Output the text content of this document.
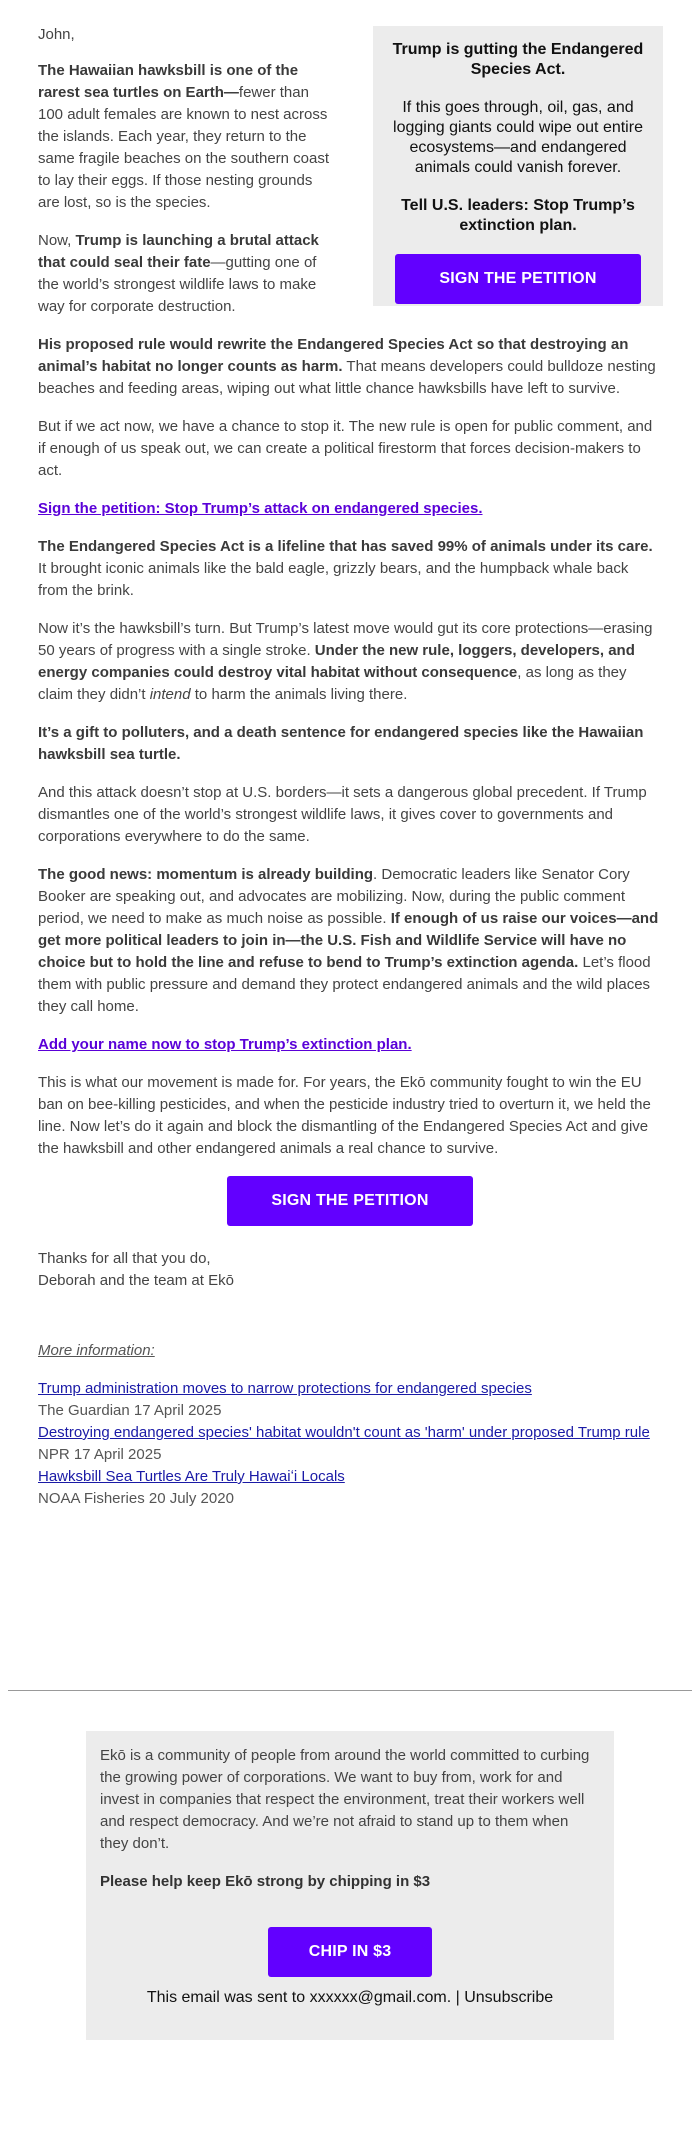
Trump is gutting the Endangered Species Act.
If this goes through, oil, gas, and logging giants could wipe out entire ecosystems—and endangered animals could vanish forever.
Tell U.S. leaders: Stop Trump’s extinction plan.
SIGN THE PETITION

John,

The Hawaiian hawksbill is one of the rarest sea turtles on Earth—fewer than 100 adult females are known to nest across the islands. Each year, they return to the same fragile beaches on the southern coast to lay their eggs. If those nesting grounds are lost, so is the species.

Now, Trump is launching a brutal attack that could seal their fate—gutting one of the world’s strongest wildlife laws to make way for corporate destruction.

His proposed rule would rewrite the Endangered Species Act so that destroying an animal’s habitat no longer counts as harm. That means developers could bulldoze nesting beaches and feeding areas, wiping out what little chance hawksbills have left to survive.

But if we act now, we have a chance to stop it. The new rule is open for public comment, and if enough of us speak out, we can create a political firestorm that forces decision-makers to act.

Sign the petition: Stop Trump’s attack on endangered species.

The Endangered Species Act is a lifeline that has saved 99% of animals under its care. It brought iconic animals like the bald eagle, grizzly bears, and the humpback whale back from the brink.

Now it’s the hawksbill’s turn. But Trump’s latest move would gut its core protections—erasing 50 years of progress with a single stroke. Under the new rule, loggers, developers, and energy companies could destroy vital habitat without consequence, as long as they claim they didn’t intend to harm the animals living there.

It’s a gift to polluters, and a death sentence for endangered species like the Hawaiian hawksbill sea turtle.

And this attack doesn’t stop at U.S. borders—it sets a dangerous global precedent. If Trump dismantles one of the world’s strongest wildlife laws, it gives cover to governments and corporations everywhere to do the same.

The good news: momentum is already building. Democratic leaders like Senator Cory Booker are speaking out, and advocates are mobilizing. Now, during the public comment period, we need to make as much noise as possible. If enough of us raise our voices—and get more political leaders to join in—the U.S. Fish and Wildlife Service will have no choice but to hold the line and refuse to bend to Trump’s extinction agenda. Let’s flood them with public pressure and demand they protect endangered animals and the wild places they call home.

Add your name now to stop Trump’s extinction plan.

This is what our movement is made for. For years, the Ekō community fought to win the EU ban on bee-killing pesticides, and when the pesticide industry tried to overturn it, we held the line. Now let’s do it again and block the dismantling of the Endangered Species Act and give the hawksbill and other endangered animals a real chance to survive.

SIGN THE PETITION

Thanks for all that you do,

Deborah and the team at Ekō

More information:
Trump administration moves to narrow protections for endangered species
The Guardian 17 April 2025
Destroying endangered species' habitat wouldn't count as 'harm' under proposed Trump rule
NPR 17 April 2025
Hawksbill Sea Turtles Are Truly Hawaiʻi Locals
NOAA Fisheries 20 July 2020

Ekō is a community of people from around the world committed to curbing the growing power of corporations. We want to buy from, work for and invest in companies that respect the environment, treat their workers well and respect democracy. And we’re not afraid to stand up to them when they don’t.

Please help keep Ekō strong by chipping in $3

CHIP IN $3
This email was sent to xxxxxx@gmail.com. | Unsubscribe
